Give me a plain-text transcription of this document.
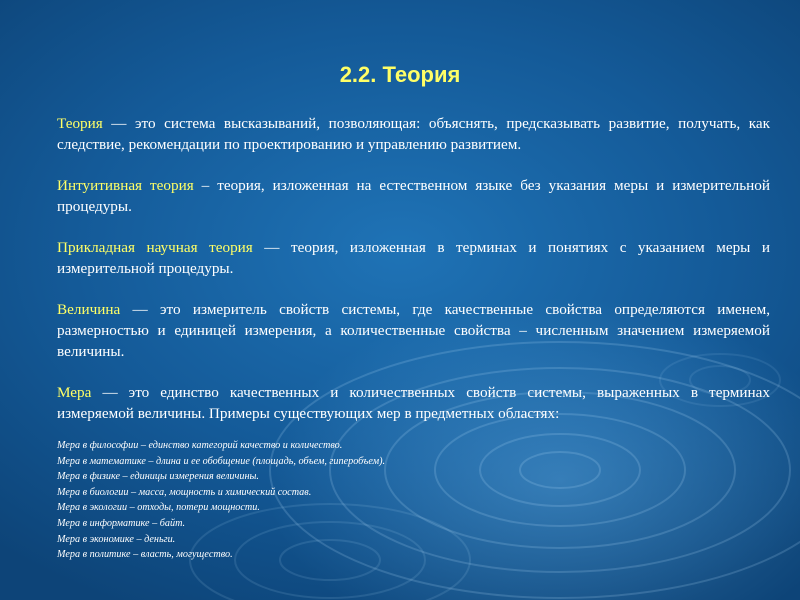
2.2. Теория

Теория — это система высказываний, позволяющая: объяснять, предсказывать развитие, получать, как следствие, рекомендации по проектированию и управлению развитием.

Интуитивная теория – теория, изложенная на естественном языке без указания меры и измерительной процедуры.

Прикладная научная теория — теория, изложенная в терминах и понятиях с указанием меры и измерительной процедуры.

Величина — это измеритель свойств системы, где качественные свойства определяются именем, размерностью и единицей измерения, а количественные свойства – численным значением измеряемой величины.

Мера — это единство качественных и количественных свойств системы, выраженных в терминах измеряемой величины. Примеры существующих мер в предметных областях:

Мера в философии – единство категорий качество и количество.
Мера в математике – длина и ее обобщение (площадь, объем, гиперобъем).
Мера в физике – единицы измерения величины.
Мера в биологии – масса, мощность и химический состав.
Мера в экологии – отходы, потери мощности.
Мера в информатике – байт.
Мера в экономике – деньги.
Мера в политике – власть, могущество.
